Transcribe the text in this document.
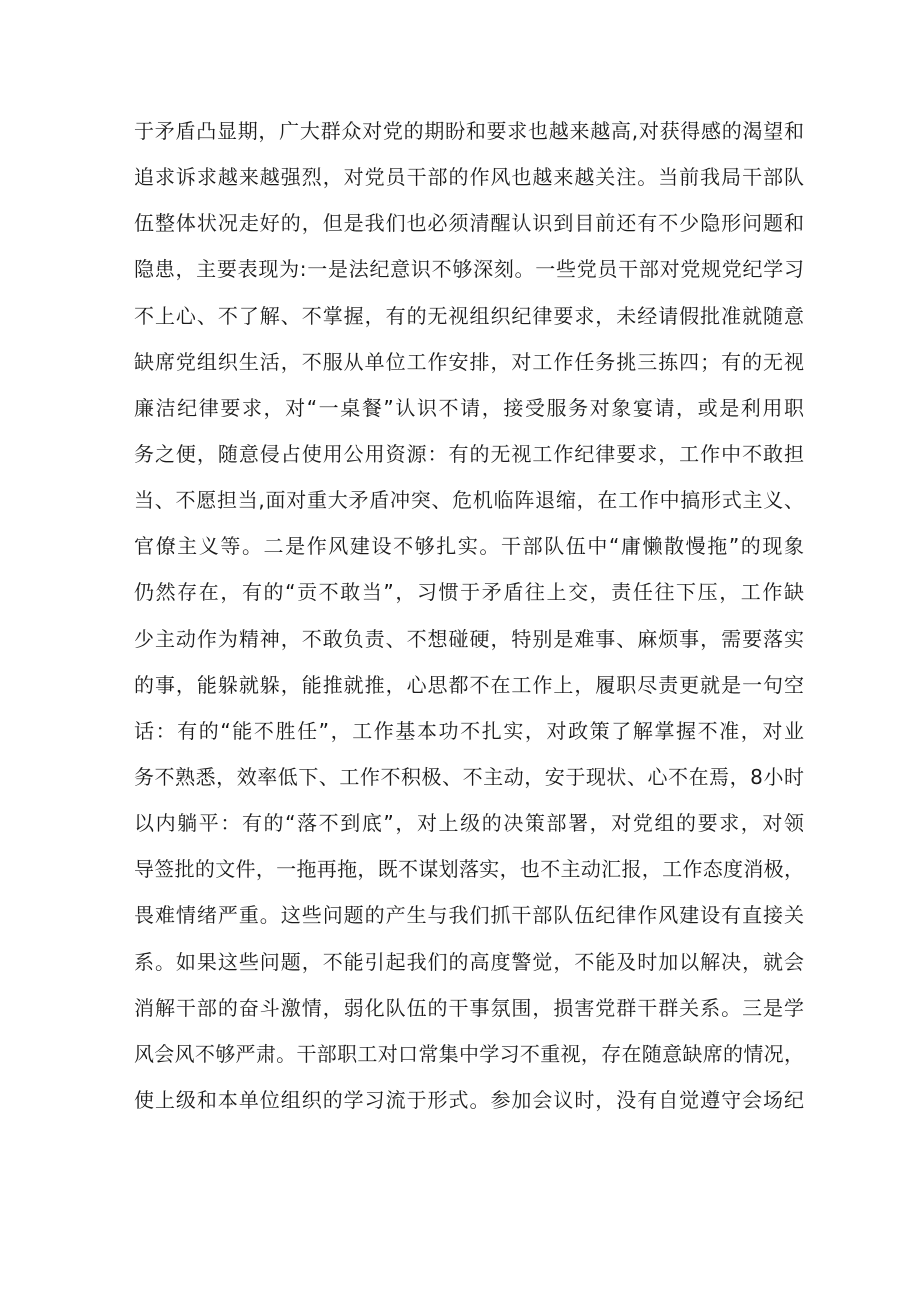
于矛盾凸显期，广大群众对党的期盼和要求也越来越高,对获得感的渴望和
追求诉求越来越强烈，对党员干部的作风也越来越关注。当前我局干部队
伍整体状况走好的，但是我们也必须清醒认识到目前还有不少隐形问题和
隐患，主要表现为:一是法纪意识不够深刻。一些党员干部对党规党纪学习
不上心、不了解、不掌握，有的无视组织纪律要求，未经请假批准就随意
缺席党组织生活，不服从单位工作安排，对工作任务挑三拣四；有的无视
廉洁纪律要求，对“一桌餐”认识不请，接受服务对象宴请，或是利用职
务之便，随意侵占使用公用资源：有的无视工作纪律要求，工作中不敢担
当、不愿担当,面对重大矛盾冲突、危机临阵退缩，在工作中搞形式主义、
官僚主义等。二是作风建设不够扎实。干部队伍中“庸懒散慢拖”的现象
仍然存在，有的“贡不敢当”，习惯于矛盾往上交，责任往下压，工作缺
少主动作为精神，不敢负责、不想碰硬，特别是难事、麻烦事，需要落实
的事，能躲就躲，能推就推，心思都不在工作上，履职尽责更就是一句空
话：有的“能不胜任”，工作基本功不扎实，对政策了解掌握不准，对业
务不熟悉，效率低下、工作不积极、不主动，安于现状、心不在焉，8小时
以内躺平：有的“落不到底”，对上级的决策部署，对党组的要求，对领
导签批的文件，一拖再拖，既不谋划落实，也不主动汇报，工作态度消极，
畏难情绪严重。这些问题的产生与我们抓干部队伍纪律作风建设有直接关
系。如果这些问题，不能引起我们的高度警觉，不能及时加以解决，就会
消解干部的奋斗激情，弱化队伍的干事氛围，损害党群干群关系。三是学
风会风不够严肃。干部职工对口常集中学习不重视，存在随意缺席的情况，
使上级和本单位组织的学习流于形式。参加会议时，没有自觉遵守会场纪
